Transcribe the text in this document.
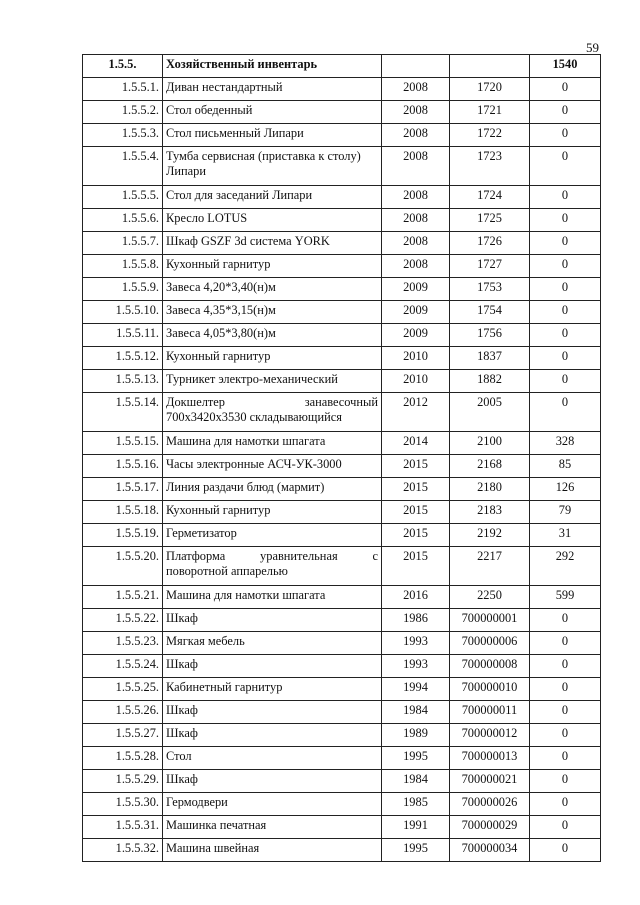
59
1.5.5.	Хозяйственный инвентарь			1540
1.5.5.1.	Диван нестандартный	2008	1720	0
1.5.5.2.	Стол обеденный	2008	1721	0
1.5.5.3.	Стол письменный Липари	2008	1722	0
1.5.5.4.	Тумба сервисная (приставка к столу) Липари	2008	1723	0
1.5.5.5.	Стол для заседаний Липари	2008	1724	0
1.5.5.6.	Кресло LOTUS	2008	1725	0
1.5.5.7.	Шкаф GSZF 3d система YORK	2008	1726	0
1.5.5.8.	Кухонный гарнитур	2008	1727	0
1.5.5.9.	Завеса 4,20*3,40(н)м	2009	1753	0
1.5.5.10.	Завеса 4,35*3,15(н)м	2009	1754	0
1.5.5.11.	Завеса 4,05*3,80(н)м	2009	1756	0
1.5.5.12.	Кухонный гарнитур	2010	1837	0
1.5.5.13.	Турникет электро-механический	2010	1882	0
1.5.5.14.	Докшелтер занавесочный 700х3420х3530 складывающийся	2012	2005	0
1.5.5.15.	Машина для намотки шпагата	2014	2100	328
1.5.5.16.	Часы электронные АСЧ-УК-3000	2015	2168	85
1.5.5.17.	Линия раздачи блюд (мармит)	2015	2180	126
1.5.5.18.	Кухонный гарнитур	2015	2183	79
1.5.5.19.	Герметизатор	2015	2192	31
1.5.5.20.	Платформа уравнительная с поворотной аппарелью	2015	2217	292
1.5.5.21.	Машина для намотки шпагата	2016	2250	599
1.5.5.22.	Шкаф	1986	700000001	0
1.5.5.23.	Мягкая мебель	1993	700000006	0
1.5.5.24.	Шкаф	1993	700000008	0
1.5.5.25.	Кабинетный гарнитур	1994	700000010	0
1.5.5.26.	Шкаф	1984	700000011	0
1.5.5.27.	Шкаф	1989	700000012	0
1.5.5.28.	Стол	1995	700000013	0
1.5.5.29.	Шкаф	1984	700000021	0
1.5.5.30.	Гермодвери	1985	700000026	0
1.5.5.31.	Машинка печатная	1991	700000029	0
1.5.5.32.	Машина швейная	1995	700000034	0
